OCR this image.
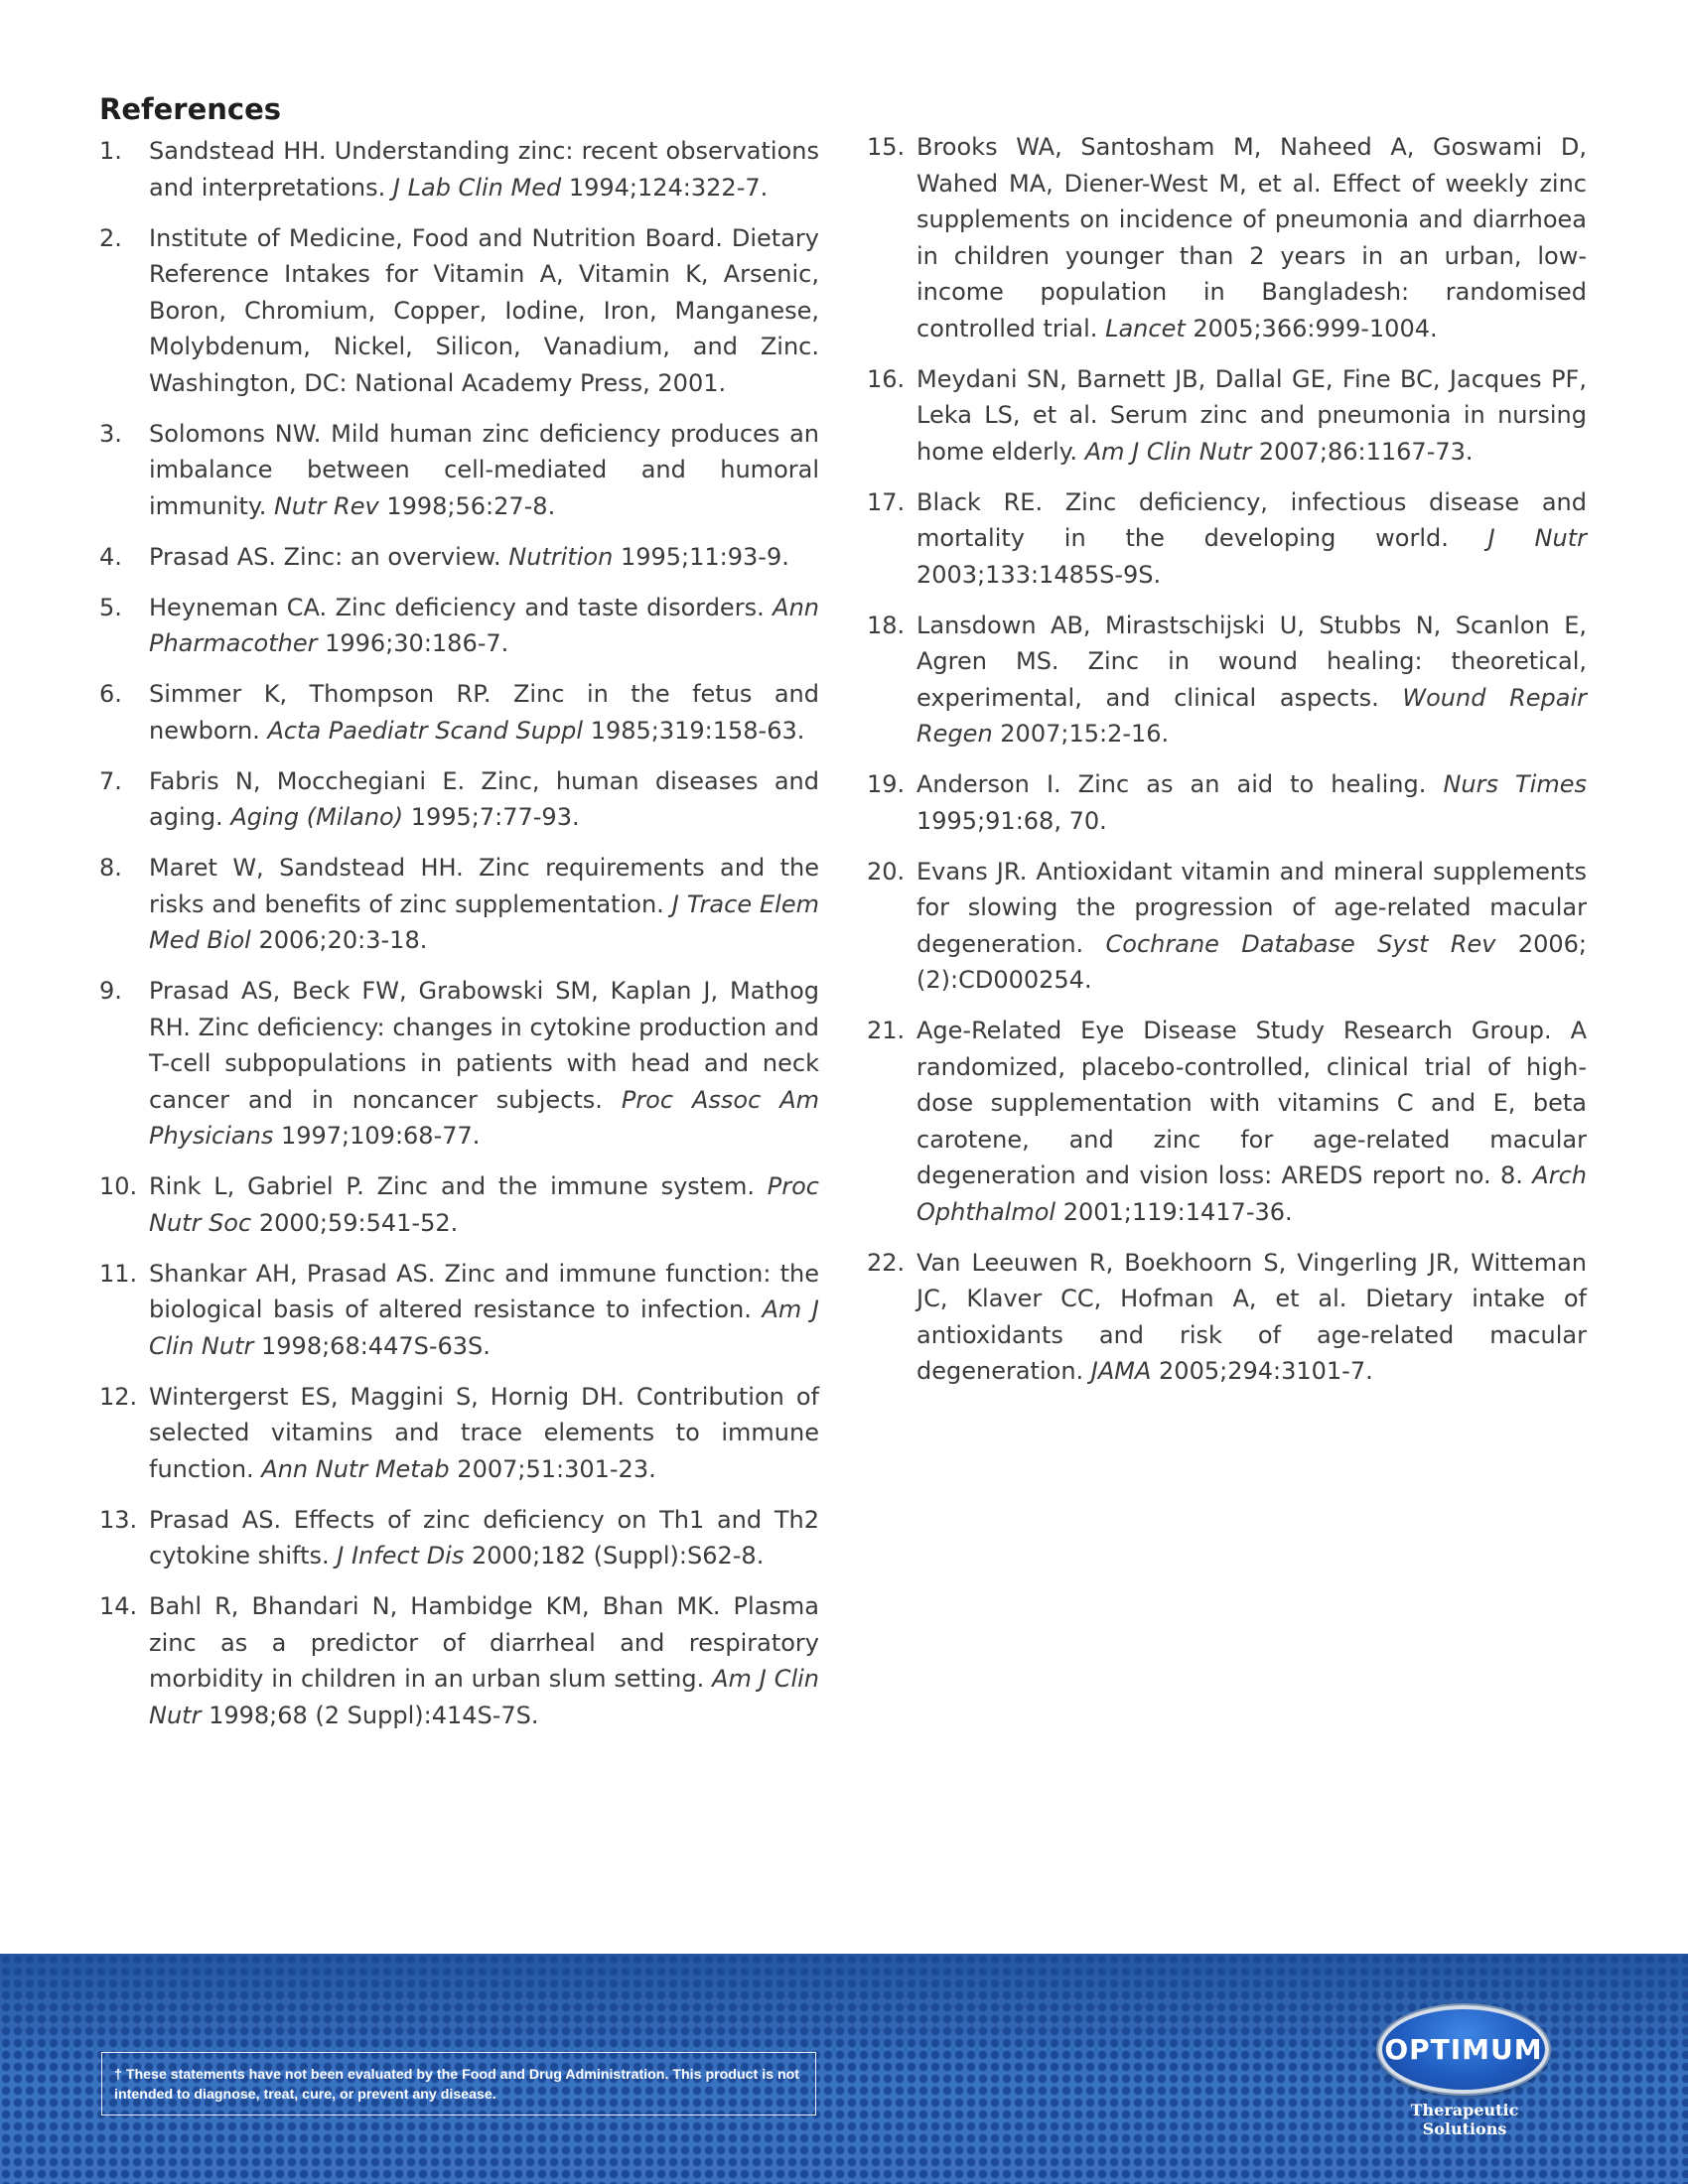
References
1.	Sandstead HH. Understanding zinc: recent observations and interpretations. J Lab Clin Med 1994;124:322-7.
2.	Institute of Medicine, Food and Nutrition Board. Dietary Reference Intakes for Vitamin A, Vitamin K, Arsenic, Boron, Chromium, Copper, Iodine, Iron, Manganese, Molybdenum, Nickel, Silicon, Vanadium, and Zinc. Washington, DC: National Academy Press, 2001.
3.	Solomons NW. Mild human zinc deficiency produces an imbalance between cell-mediated and humoral immunity. Nutr Rev 1998;56:27-8.
4.	Prasad AS. Zinc: an overview. Nutrition 1995;11:93-9.
5.	Heyneman CA. Zinc deficiency and taste disorders. Ann Pharmacother 1996;30:186-7.
6.	Simmer K, Thompson RP. Zinc in the fetus and newborn. Acta Paediatr Scand Suppl 1985;319:158-63.
7.	Fabris N, Mocchegiani E. Zinc, human diseases and aging. Aging (Milano) 1995;7:77-93.
8.	Maret W, Sandstead HH. Zinc requirements and the risks and benefits of zinc supplementation. J Trace Elem Med Biol 2006;20:3-18.
9.	Prasad AS, Beck FW, Grabowski SM, Kaplan J, Mathog RH. Zinc deficiency: changes in cytokine production and T-cell subpopulations in patients with head and neck cancer and in noncancer subjects. Proc Assoc Am Physicians 1997;109:68-77.
10. Rink L, Gabriel P. Zinc and the immune system. Proc Nutr Soc 2000;59:541-52.
11. Shankar AH, Prasad AS. Zinc and immune function: the biological basis of altered resistance to infection. Am J Clin Nutr 1998;68:447S-63S.
12. Wintergerst ES, Maggini S, Hornig DH. Contribution of selected vitamins and trace elements to immune function. Ann Nutr Metab 2007;51:301-23.
13. Prasad AS. Effects of zinc deficiency on Th1 and Th2 cytokine shifts. J Infect Dis 2000;182 (Suppl):S62-8.
14. Bahl R, Bhandari N, Hambidge KM, Bhan MK. Plasma zinc as a predictor of diarrheal and respiratory morbidity in children in an urban slum setting. Am J Clin Nutr 1998;68 (2 Suppl):414S-7S.
15. Brooks WA, Santosham M, Naheed A, Goswami D, Wahed MA, Diener-West M, et al. Effect of weekly zinc supplements on incidence of pneumonia and diarrhoea in children younger than 2 years in an urban, low-income population in Bangladesh: randomised controlled trial. Lancet 2005;366:999-1004.
16. Meydani SN, Barnett JB, Dallal GE, Fine BC, Jacques PF, Leka LS, et al. Serum zinc and pneumonia in nursing home elderly. Am J Clin Nutr 2007;86:1167-73.
17. Black RE. Zinc deficiency, infectious disease and mortality in the developing world. J Nutr 2003;133:1485S-9S.
18. Lansdown AB, Mirastschijski U, Stubbs N, Scanlon E, Agren MS. Zinc in wound healing: theoretical, experimental, and clinical aspects. Wound Repair Regen 2007;15:2-16.
19. Anderson I. Zinc as an aid to healing. Nurs Times 1995;91:68, 70.
20. Evans JR. Antioxidant vitamin and mineral supplements for slowing the progression of age-related macular degeneration. Cochrane Database Syst Rev 2006;(2):CD000254.
21. Age-Related Eye Disease Study Research Group. A randomized, placebo-controlled, clinical trial of high-dose supplementation with vitamins C and E, beta carotene, and zinc for age-related macular degeneration and vision loss: AREDS report no. 8. Arch Ophthalmol 2001;119:1417-36.
22. Van Leeuwen R, Boekhoorn S, Vingerling JR, Witteman JC, Klaver CC, Hofman A, et al. Dietary intake of antioxidants and risk of age-related macular degeneration. JAMA 2005;294:3101-7.
† These statements have not been evaluated by the Food and Drug Administration. This product is not intended to diagnose, treat, cure, or prevent any disease.
OPTIMUM
Therapeutic Solutions
